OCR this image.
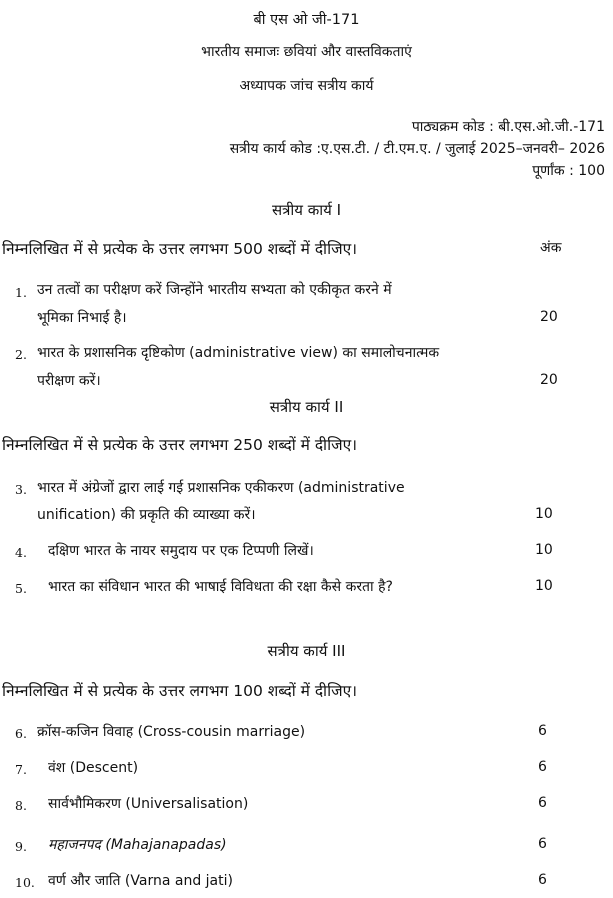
बी एस ओ जी-171
भारतीय समाजः छवियां और वास्तविकताएं
अध्यापक जांच सत्रीय कार्य
पाठ्यक्रम कोड : बी.एस.ओ.जी.-171
सत्रीय कार्य कोड :ए.एस.टी. / टी.एम.ए. / जुलाई 2025–जनवरी– 2026
पूर्णांक : 100
सत्रीय कार्य I
निम्नलिखित में से प्रत्येक के उत्तर लगभग 500 शब्दों में दीजिए।	अंक
1. उन तत्वों का परीक्षण करें जिन्होंने भारतीय सभ्यता को एकीकृत करने में
भूमिका निभाई है।	20
2. भारत के प्रशासनिक दृष्टिकोण (administrative view) का समालोचनात्मक
परीक्षण करें।	20
सत्रीय कार्य II
निम्नलिखित में से प्रत्येक के उत्तर लगभग 250 शब्दों में दीजिए।
3. भारत में अंग्रेजों द्वारा लाई गई प्रशासनिक एकीकरण (administrative
unification) की प्रकृति की व्याख्या करें।	10
4. दक्षिण भारत के नायर समुदाय पर एक टिप्पणी लिखें।	10
5. भारत का संविधान भारत की भाषाई विविधता की रक्षा कैसे करता है?	10
सत्रीय कार्य III
निम्नलिखित में से प्रत्येक के उत्तर लगभग 100 शब्दों में दीजिए।
6. क्रॉस-कजिन विवाह (Cross-cousin marriage)	6
7. वंश (Descent)	6
8. सार्वभौमिकरण (Universalisation)	6
9. महाजनपद (Mahajanapadas)	6
10. वर्ण और जाति (Varna and jati)	6
